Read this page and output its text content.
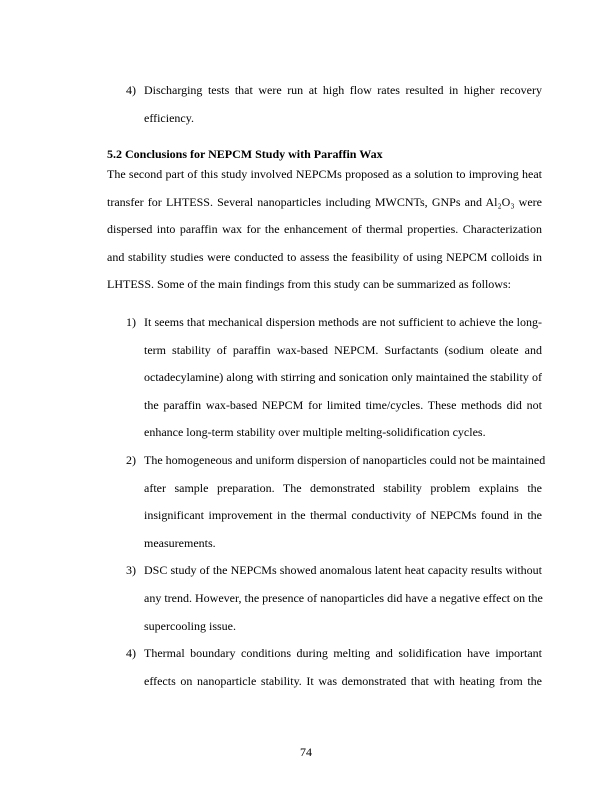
4) Discharging tests that were run at high flow rates resulted in higher recovery
efficiency.
5.2 Conclusions for NEPCM Study with Paraffin Wax
The second part of this study involved NEPCMs proposed as a solution to improving heat
transfer for LHTESS. Several nanoparticles including MWCNTs, GNPs and Al₂O₃ were
dispersed into paraffin wax for the enhancement of thermal properties. Characterization
and stability studies were conducted to assess the feasibility of using NEPCM colloids in
LHTESS. Some of the main findings from this study can be summarized as follows:
1) It seems that mechanical dispersion methods are not sufficient to achieve the long-
term stability of paraffin wax-based NEPCM. Surfactants (sodium oleate and
octadecylamine) along with stirring and sonication only maintained the stability of
the paraffin wax-based NEPCM for limited time/cycles. These methods did not
enhance long-term stability over multiple melting-solidification cycles.
2) The homogeneous and uniform dispersion of nanoparticles could not be maintained
after sample preparation. The demonstrated stability problem explains the
insignificant improvement in the thermal conductivity of NEPCMs found in the
measurements.
3) DSC study of the NEPCMs showed anomalous latent heat capacity results without
any trend. However, the presence of nanoparticles did have a negative effect on the
supercooling issue.
4) Thermal boundary conditions during melting and solidification have important
effects on nanoparticle stability. It was demonstrated that with heating from the
74
